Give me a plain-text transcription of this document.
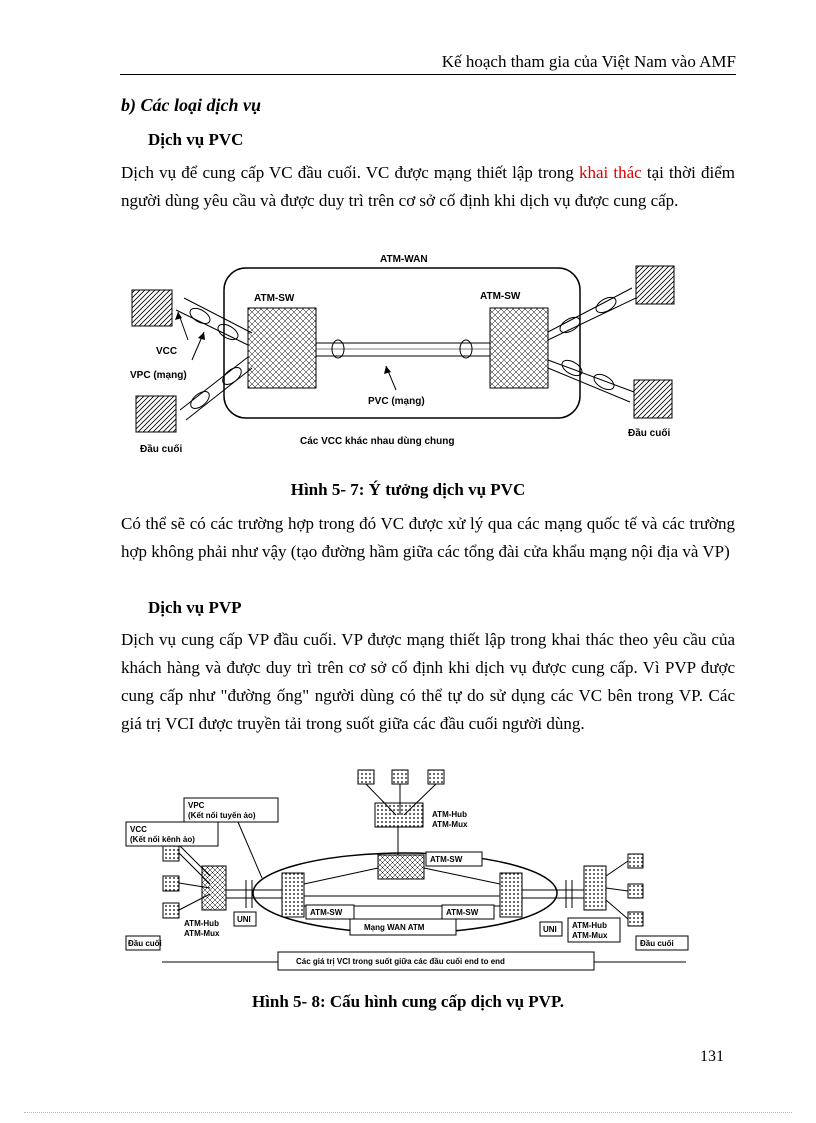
Kế hoạch tham gia của Việt Nam vào AMF
b) Các loại dịch vụ
Dịch vụ PVC
Dịch vụ để cung cấp VC đầu cuối. VC được mạng thiết lập trong khai thác tại thời điểm người dùng yêu cầu và được duy trì trên cơ sở cố định khi dịch vụ được cung cấp.
ATM-WAN
ATM-SW	ATM-SW
VCC
VPC (mạng)
PVC (mạng)
Đầu cuối
Đầu cuối
Các VCC khác nhau dùng chung
Hình 5- 7: Ý tưởng dịch vụ PVC
Có thể sẽ có các trường hợp trong đó VC được xử lý qua các mạng quốc tế và các trường hợp không phải như vậy (tạo đường hầm giữa các tổng đài cửa khẩu mạng nội địa và VP)
Dịch vụ PVP
Dịch vụ cung cấp VP đầu cuối. VP được mạng thiết lập trong khai thác theo yêu cầu của khách hàng và được duy trì trên cơ sở cố định khi dịch vụ được cung cấp. Vì PVP được cung cấp như "đường ống" người dùng có thể tự do sử dụng các VC bên trong VP. Các giá trị VCI được truyền tải trong suốt giữa các đầu cuối người dùng.
ATM-Hub
ATM-Mux
ATM-SW
ATM-SW	ATM-SW
Mạng WAN ATM
UNI
ATM-Hub
ATM-Mux
Đầu cuối
VPC
(Kết nối tuyến ảo)
VCC
(Kết nối kênh ảo)
UNI ATM-Hub
ATM-Mux
Đầu cuối
Các giá trị VCI trong suốt giữa các đầu cuối end to end
Hình 5- 8: Cấu hình cung cấp dịch vụ PVP.
131
